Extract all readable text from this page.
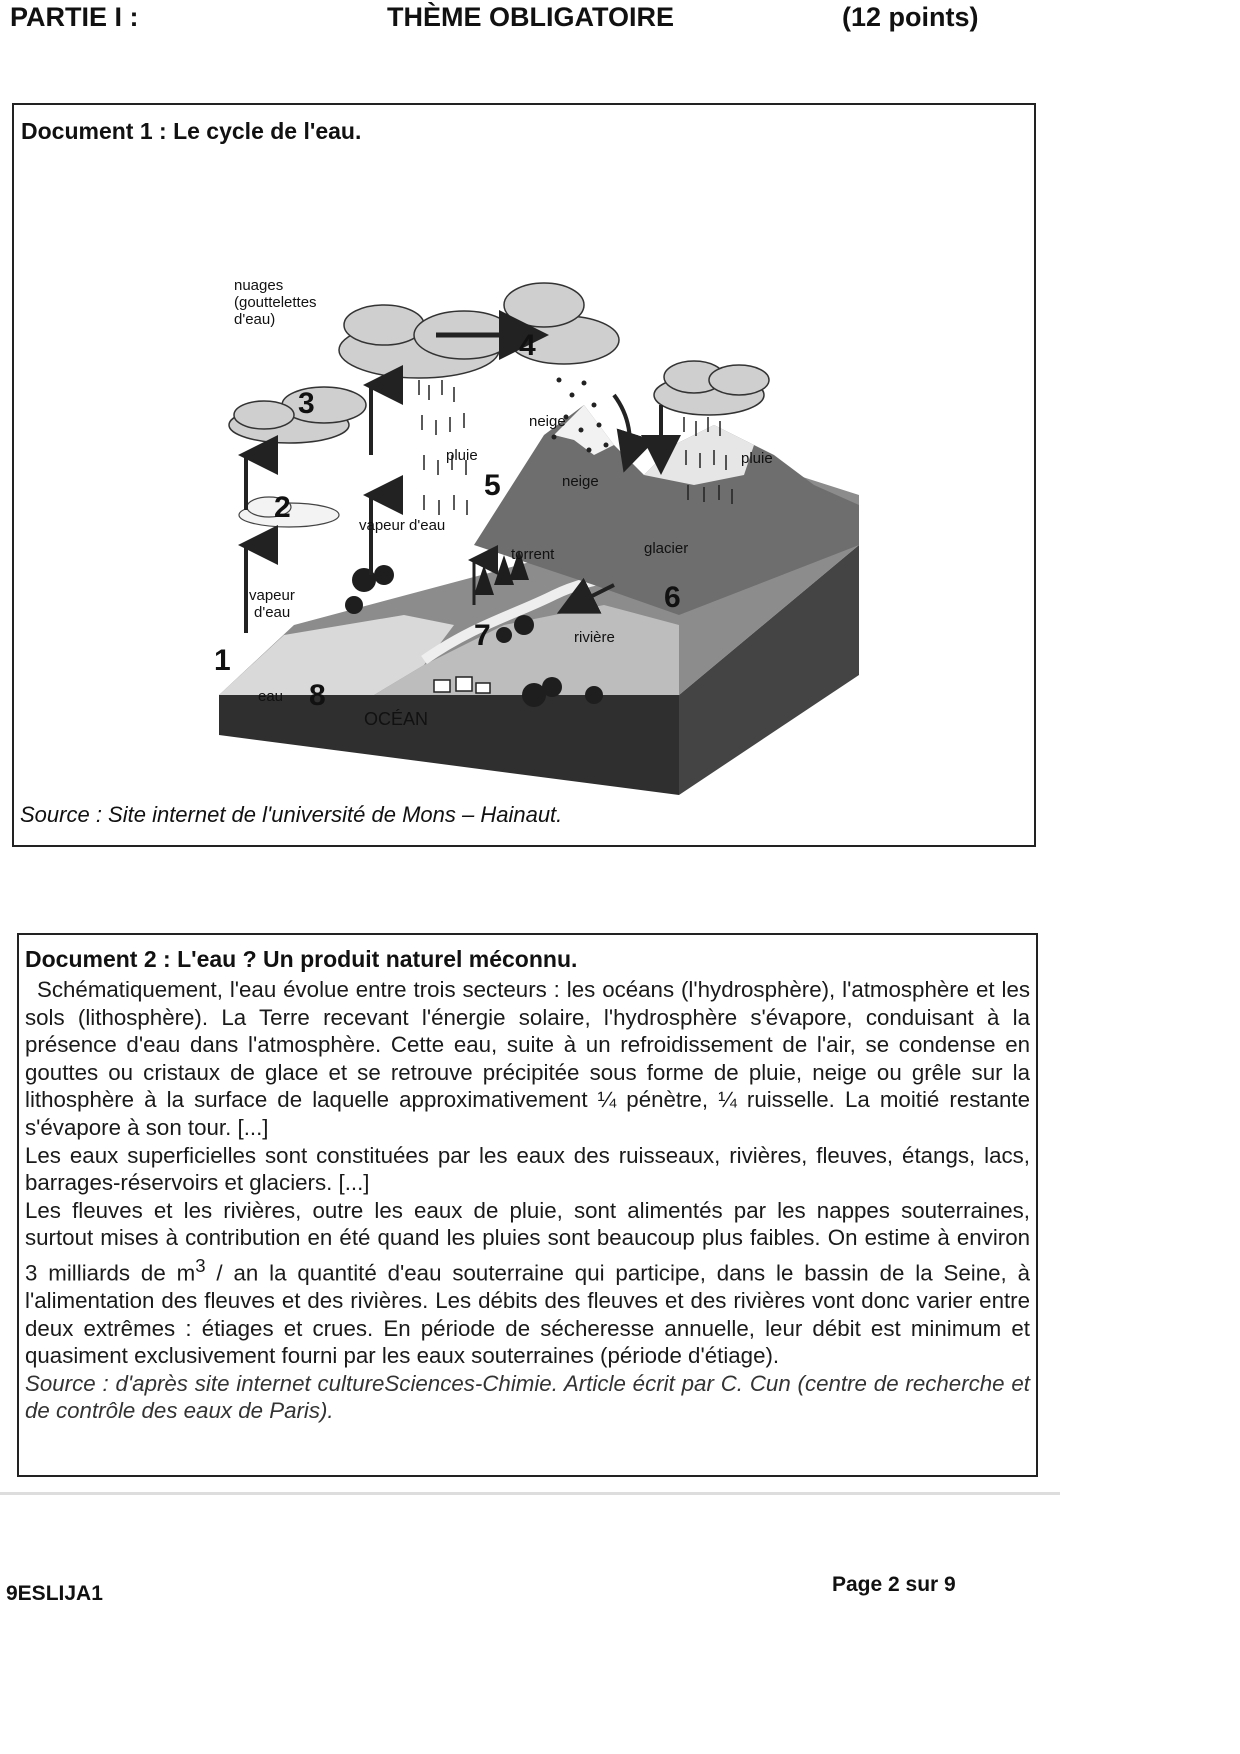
PARTIE I :	THÈME OBLIGATOIRE	(12 points)
Document 1 : Le cycle de l'eau.
1
2
3
4
5
6
7
8
nuages (gouttelettes d'eau)
vapeur d'eau
vapeur d'eau
eau
pluie	pluie
neige
neige
glacier
torrent
rivière
OCÉAN
Source : Site internet de l'université de Mons – Hainaut.
Document 2 : L'eau ? Un produit naturel méconnu.

Schématiquement, l'eau évolue entre trois secteurs : les océans (l'hydrosphère), l'atmosphère et les sols (lithosphère). La Terre recevant l'énergie solaire, l'hydrosphère s'évapore, conduisant à la présence d'eau dans l'atmosphère. Cette eau, suite à un refroidissement de l'air, se condense en gouttes ou cristaux de glace et se retrouve précipitée sous forme de pluie, neige ou grêle sur la lithosphère à la surface de laquelle approximativement ¼ pénètre, ¼ ruisselle. La moitié restante s'évapore à son tour. [...]

Les eaux superficielles sont constituées par les eaux des ruisseaux, rivières, fleuves, étangs, lacs, barrages-réservoirs et glaciers. [...]

Les fleuves et les rivières, outre les eaux de pluie, sont alimentés par les nappes souterraines, surtout mises à contribution en été quand les pluies sont beaucoup plus faibles. On estime à environ 3 milliards de $m^3$ / an la quantité d'eau souterraine qui participe, dans le bassin de la Seine, à l'alimentation des fleuves et des rivières. Les débits des fleuves et des rivières vont donc varier entre deux extrêmes : étiages et crues. En période de sécheresse annuelle, leur débit est minimum et quasiment exclusivement fourni par les eaux souterraines (période d'étiage).

Source : d'après site internet cultureSciences-Chimie. Article écrit par C. Cun (centre de recherche et de contrôle des eaux de Paris).

9ESLIJA1	Page 2 sur 9
